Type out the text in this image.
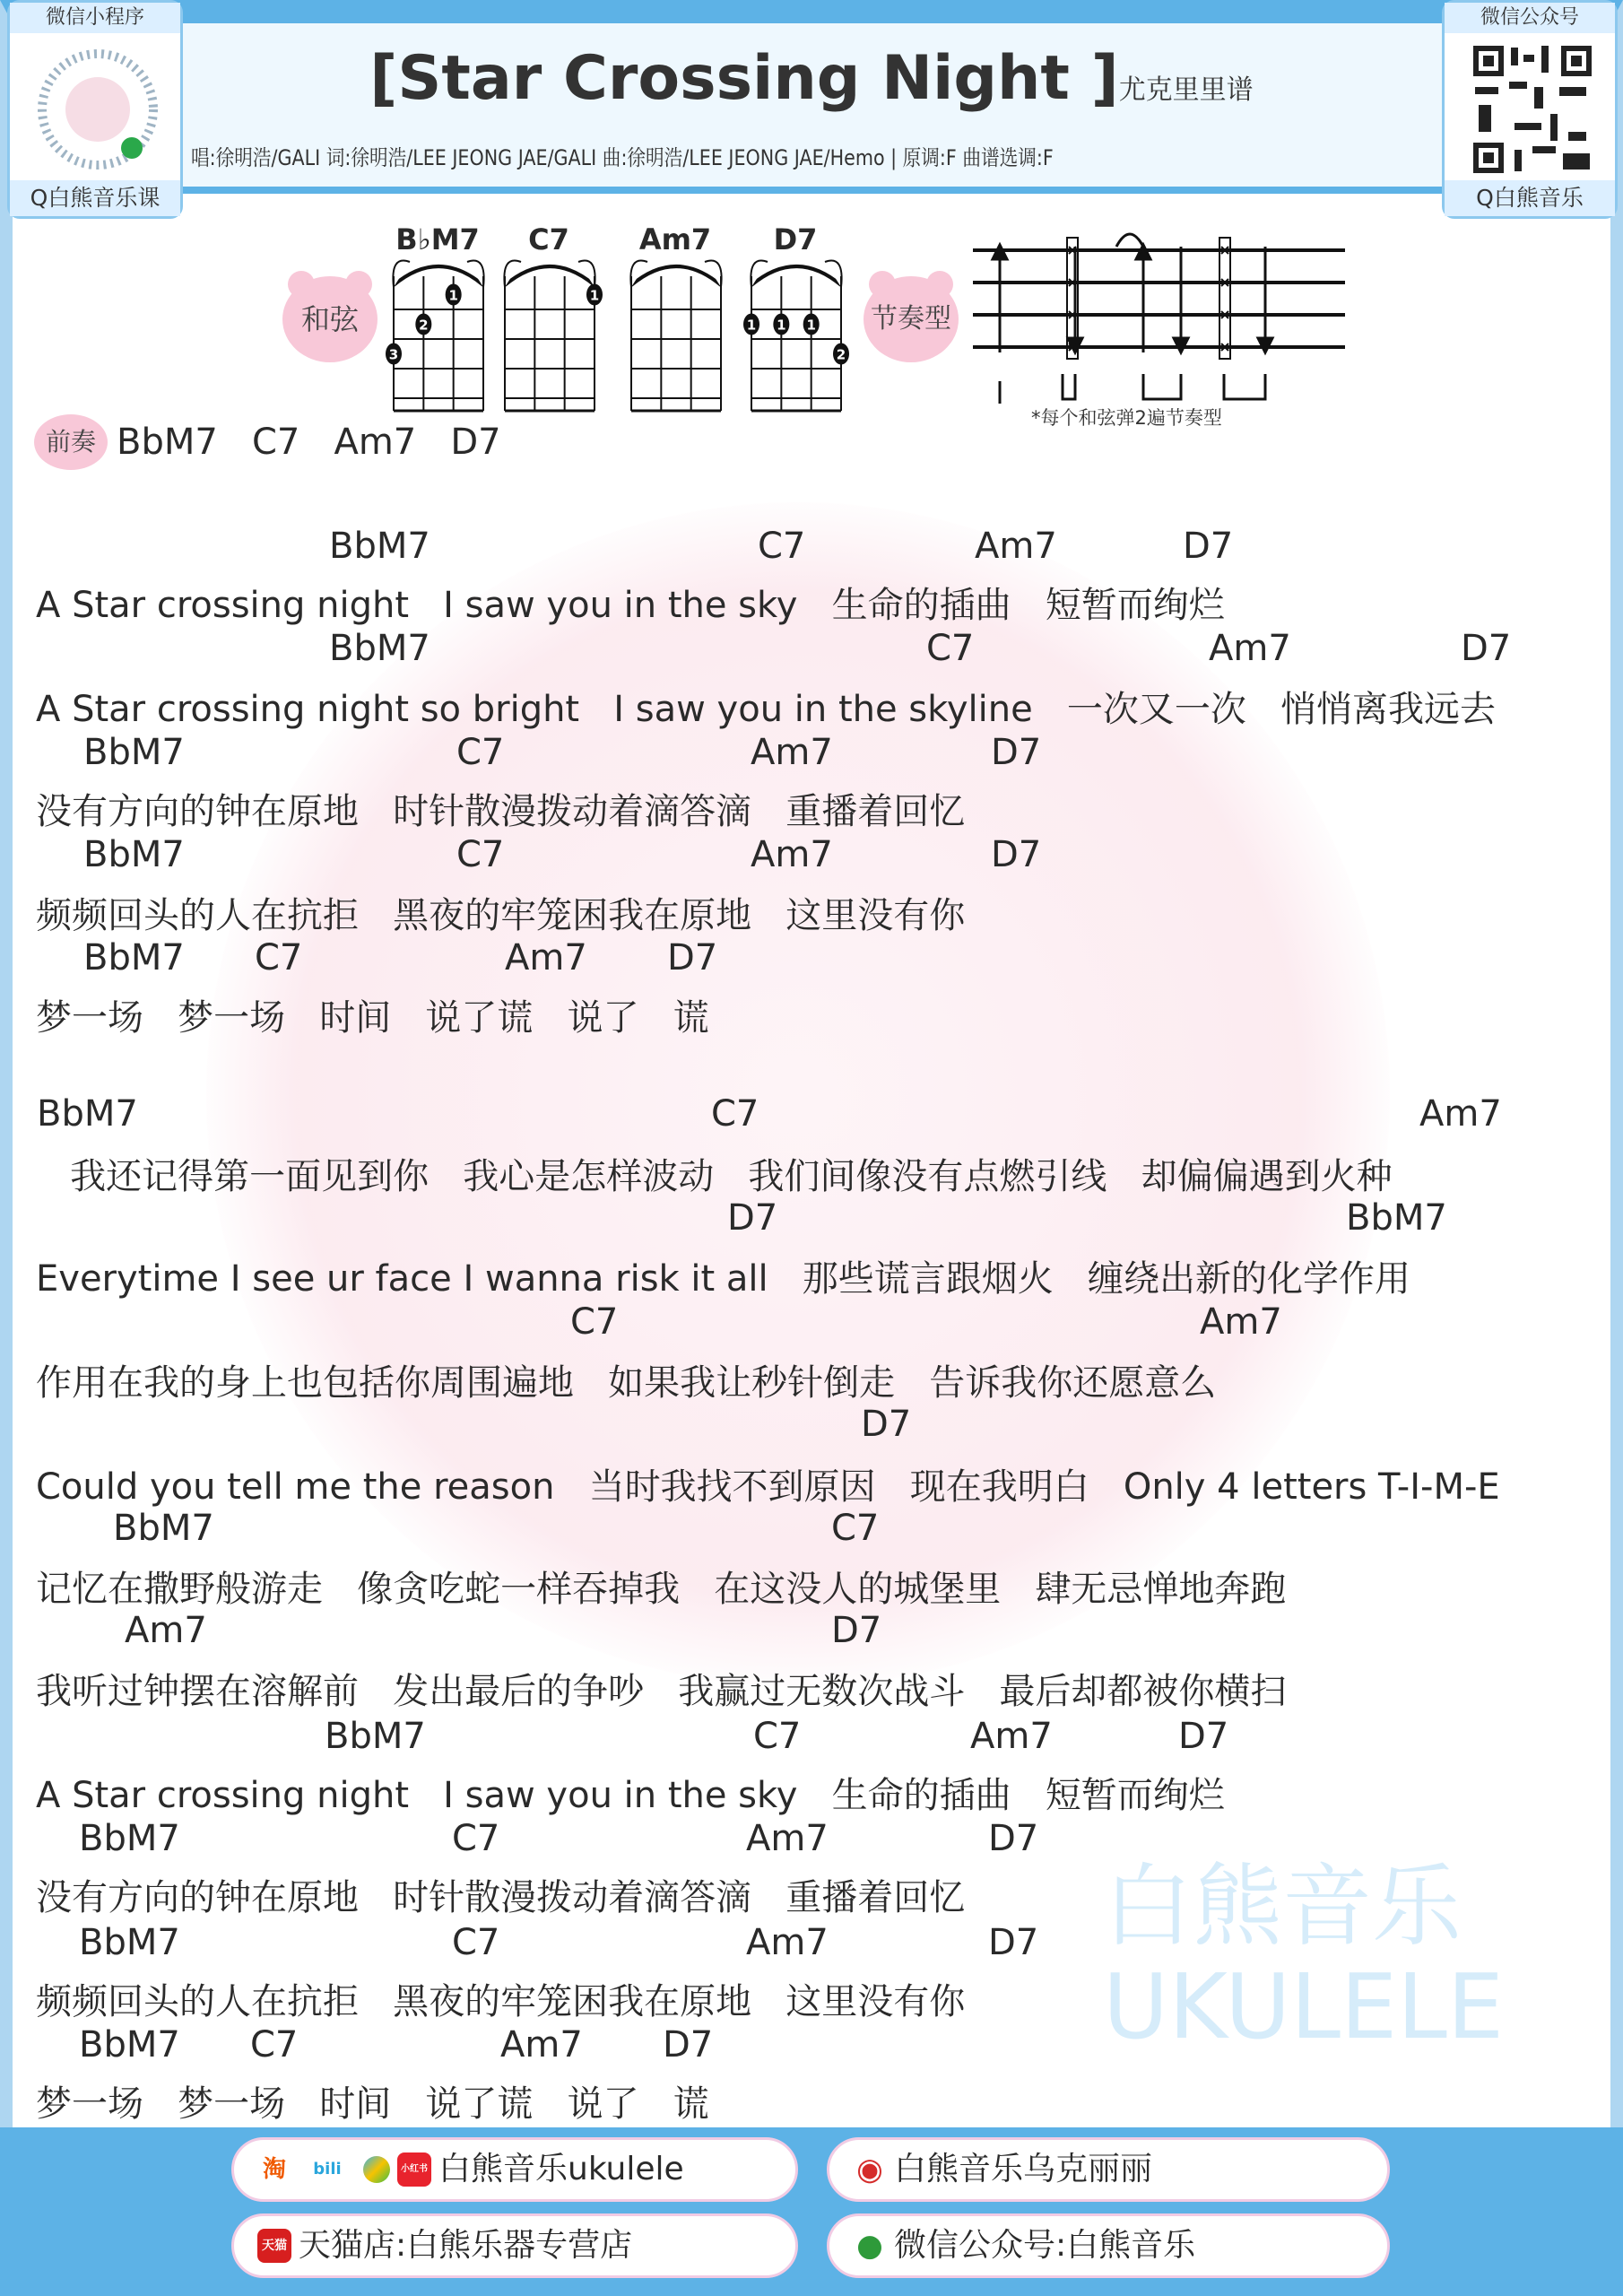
[Star Crossing Night ]尤克里里谱
唱:徐明浩/GALI 词:徐明浩/LEE JEONG JAE/GALI 曲:徐明浩/LEE JEONG JAE/Hemo | 原调:F 曲谱选调:F
微信小程序
Q白熊音乐课
微信公众号
Q白熊音乐
和弦
B♭M7
1
2
3
C7
1
Am7	D7
1 1 1
2
节奏型
*每个和弦弹2遍节奏型
前奏 BbM7   C7   Am7   D7
白熊音乐UKULELE
BbM7	C7	Am7	D7
A Star crossing night   I saw you in the sky   生命的插曲   短暂而绚烂
BbM7	C7	Am7	D7
A Star crossing night so bright   I saw you in the skyline   一次又一次   悄悄离我远去
BbM7	C7	Am7	D7
没有方向的钟在原地   时针散漫拨动着滴答滴   重播着回忆
BbM7	C7	Am7	D7
频频回头的人在抗拒   黑夜的牢笼困我在原地   这里没有你
BbM7 C7	Am7 D7
梦一场   梦一场   时间   说了谎   说了   谎
BbM7	C7	Am7
我还记得第一面见到你   我心是怎样波动   我们间像没有点燃引线   却偏偏遇到火种
D7	BbM7
Everytime I see ur face I wanna risk it all   那些谎言跟烟火   缠绕出新的化学作用
C7	Am7
作用在我的身上也包括你周围遍地   如果我让秒针倒走   告诉我你还愿意么
D7
Could you tell me the reason   当时我找不到原因   现在我明白   Only 4 letters T-I-M-E
BbM7	C7
记忆在撒野般游走   像贪吃蛇一样吞掉我   在这没人的城堡里   肆无忌惮地奔跑
Am7	D7
我听过钟摆在溶解前   发出最后的争吵   我赢过无数次战斗   最后却都被你横扫
BbM7	C7	Am7	D7
A Star crossing night   I saw you in the sky   生命的插曲   短暂而绚烂
BbM7	C7	Am7	D7
没有方向的钟在原地   时针散漫拨动着滴答滴   重播着回忆
BbM7	C7	Am7	D7
频频回头的人在抗拒   黑夜的牢笼困我在原地   这里没有你
BbM7 C7	Am7 D7
梦一场   梦一场   时间   说了谎   说了   谎
淘	bili	小红书 白熊音乐ukulele	◉ 白熊音乐乌克丽丽
天猫 天猫店:白熊乐器专营店	● 微信公众号:白熊音乐
